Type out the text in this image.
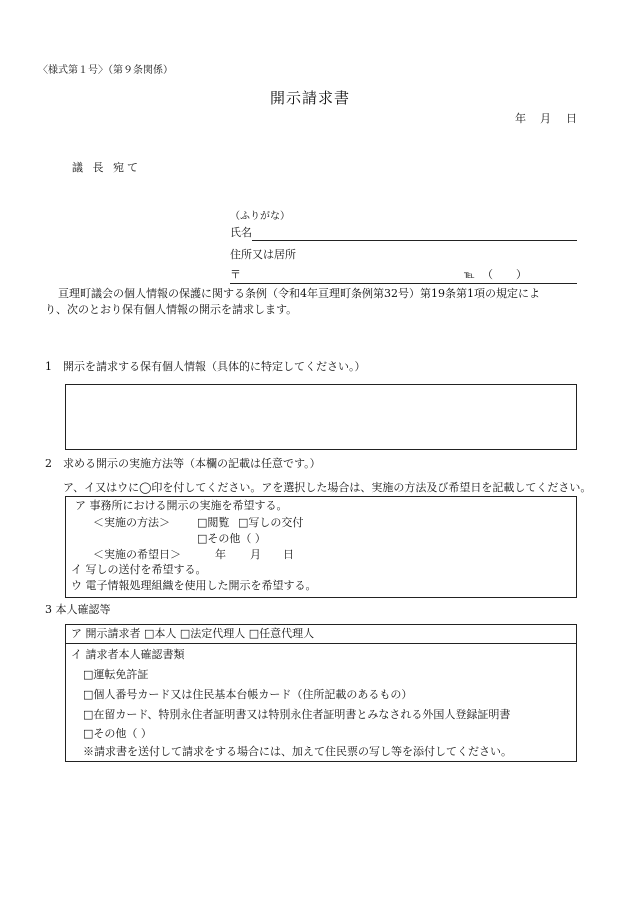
〈様式第１号〉（第９条関係）
開示請求書
年 月 日
議 長 宛て
（ふりがな）
氏名
住所又は居所
〒	℡ （　）
亘理町議会の個人情報の保護に関する条例（令和4年亘理町条例第32号）第19条第1項の規定によ
り、次のとおり保有個人情報の開示を請求します。
1　開示を請求する保有個人情報（具体的に特定してください。）
2　求める開示の実施方法等（本欄の記載は任意です。）
ア、イ又はウに◯印を付してください。アを選択した場合は、実施の方法及び希望日を記載してください。
ア 事務所における開示の実施を希望する。
＜実施の方法＞ □閲覧 □写しの交付
□その他（ ）
＜実施の希望日＞	年 月 日
イ 写しの送付を希望する。
ウ 電子情報処理組織を使用した開示を希望する。
3 本人確認等
ア 開示請求者 □本人 □法定代理人 □任意代理人
イ 請求者本人確認書類
□運転免許証
□個人番号カード又は住民基本台帳カード（住所記載のあるもの）
□在留カード、特別永住者証明書又は特別永住者証明書とみなされる外国人登録証明書
□その他（ ）
※請求書を送付して請求をする場合には、加えて住民票の写し等を添付してください。
